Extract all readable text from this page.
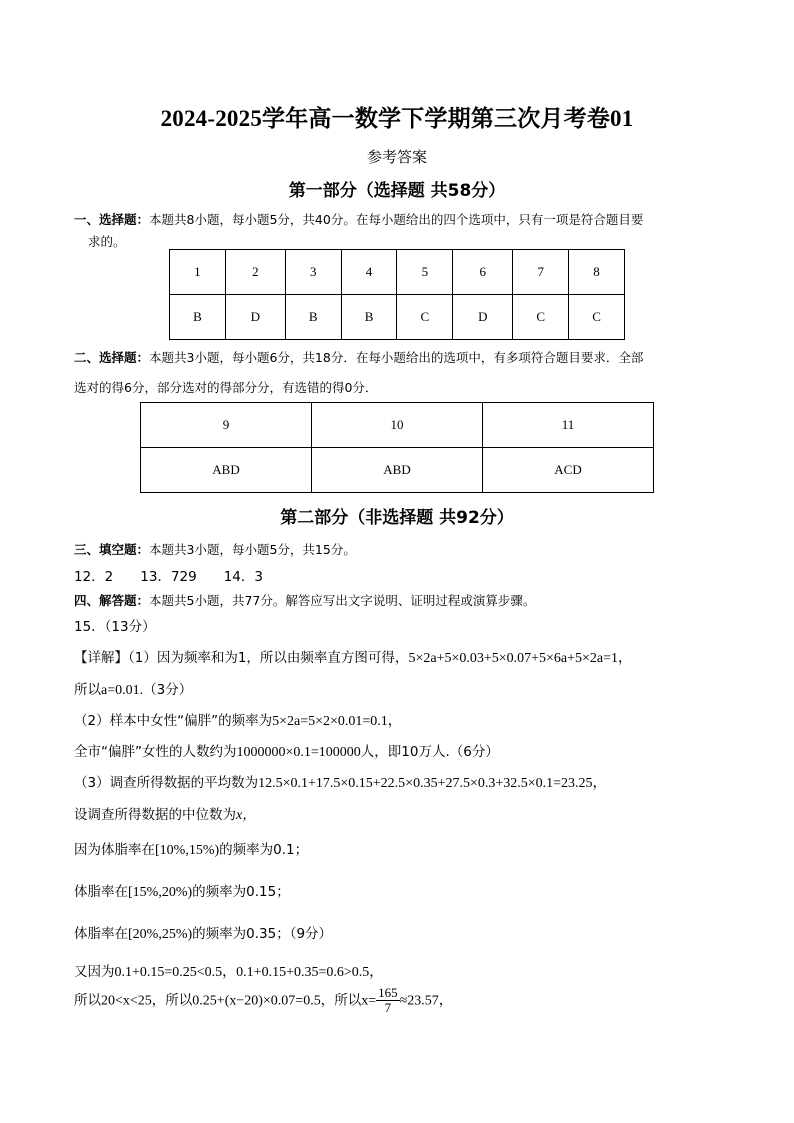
2024-2025学年高一数学下学期第三次月考卷01
参考答案
第一部分（选择题 共58分）
一、选择题：本题共8小题，每小题5分，共40分。在每小题给出的四个选项中，只有一项是符合题目要
求的。
1	2	3	4	5	6	7	8
B	D	B	B	C	D	C	C
二、选择题：本题共3小题，每小题6分，共18分．在每小题给出的选项中，有多项符合题目要求．全部
选对的得6分，部分选对的得部分分，有选错的得0分．
9	10	11
ABD	ABD	ACD
第二部分（非选择题 共92分）
三、填空题：本题共3小题，每小题5分，共15分。
12．2　　13．729　　14．3
四、解答题：本题共5小题，共77分。解答应写出文字说明、证明过程或演算步骤。
15．（13分）
【详解】（1）因为频率和为1，所以由频率直方图可得，5×2a+5×0.03+5×0.07+5×6a+5×2a=1，
所以a=0.01.（3分）
（2）样本中女性“偏胖”的频率为5×2a=5×2×0.01=0.1，
全市“偏胖”女性的人数约为1000000×0.1=100000人，即10万人.（6分）
（3）调查所得数据的平均数为12.5×0.1+17.5×0.15+22.5×0.35+27.5×0.3+32.5×0.1=23.25，
设调查所得数据的中位数为x，
因为体脂率在[10%,15%)的频率为0.1；
体脂率在[15%,20%)的频率为0.15；
体脂率在[20%,25%)的频率为0.35；（9分）
又因为0.1+0.15=0.25<0.5，0.1+0.15+0.35=0.6>0.5，
所以20<x<25，所以0.25+(x−20)×0.07=0.5，所以$x= \frac{165}{7} \approx 23.57$，
